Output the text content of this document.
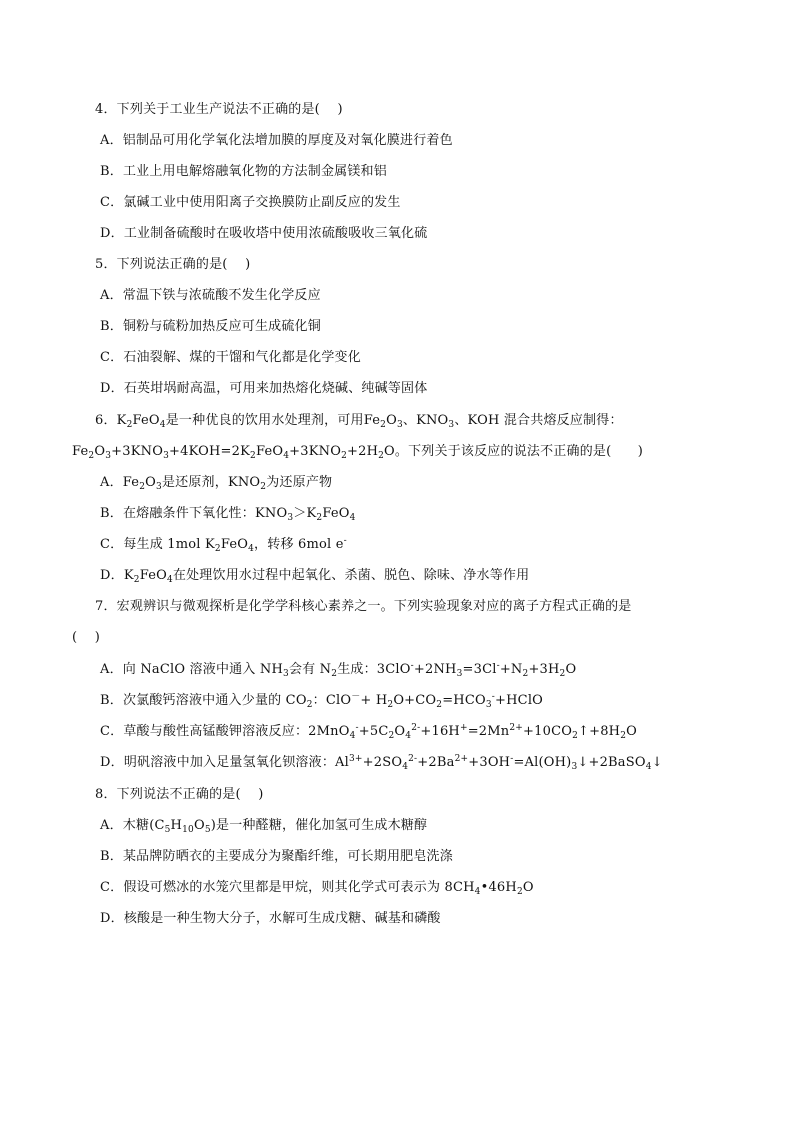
4．下列关于工业生产说法不正确的是(　 )
A．铝制品可用化学氧化法增加膜的厚度及对氧化膜进行着色
B．工业上用电解熔融氧化物的方法制金属镁和铝
C．氯碱工业中使用阳离子交换膜防止副反应的发生
D．工业制备硫酸时在吸收塔中使用浓硫酸吸收三氧化硫
5．下列说法正确的是(　 )
A．常温下铁与浓硫酸不发生化学反应
B．铜粉与硫粉加热反应可生成硫化铜
C．石油裂解、煤的干馏和气化都是化学变化
D．石英坩埚耐高温，可用来加热熔化烧碱、纯碱等固体
6．$K_2FeO_4$是一种优良的饮用水处理剂，可用$Fe_2O_3$、$KNO_3$、KOH 混合共熔反应制得：
$Fe_2O_3+3KNO_3+4KOH=2K_2FeO_4+3KNO_2+2H_2O$。下列关于该反应的说法不正确的是(　　)
A．$Fe_2O_3$是还原剂，$KNO_2$为还原产物
B．在熔融条件下氧化性：$KNO_3>K_2FeO_4$
C．每生成 1mol $K_2FeO_4$，转移 6mol e-
D．$K_2FeO_4$在处理饮用水过程中起氧化、杀菌、脱色、除味、净水等作用
7．宏观辨识与微观探析是化学学科核心素养之一。下列实验现象对应的离子方程式正确的是
(　 )
A．向 NaClO 溶液中通入 $NH_3$会有 $N_2$生成：$3ClO^-+2NH_3=3Cl^-+N_2+3H_2O$
B．次氯酸钙溶液中通入少量的 $CO_2$：$ClO^-+ H_2O+CO_2=HCO_3^-+HClO$
C．草酸与酸性高锰酸钾溶液反应：$2MnO_4^-+5C_2O_4^{2-}+16H^+=2Mn^{2+}+10CO_2↑+8H_2O$
D．明矾溶液中加入足量氢氧化钡溶液：$Al^{3+}+2SO_4^{2-}+2Ba^{2+}+3OH^-=Al(OH)_3↓+2BaSO_4↓$
8．下列说法不正确的是(　 )
A．木糖$(C_5H_{10}O_5)$是一种醛糖，催化加氢可生成木糖醇
B．某品牌防晒衣的主要成分为聚酯纤维，可长期用肥皂洗涤
C．假设可燃冰的水笼穴里都是甲烷，则其化学式可表示为 $8CH_4•46H_2O$
D．核酸是一种生物大分子，水解可生成戊糖、碱基和磷酸
